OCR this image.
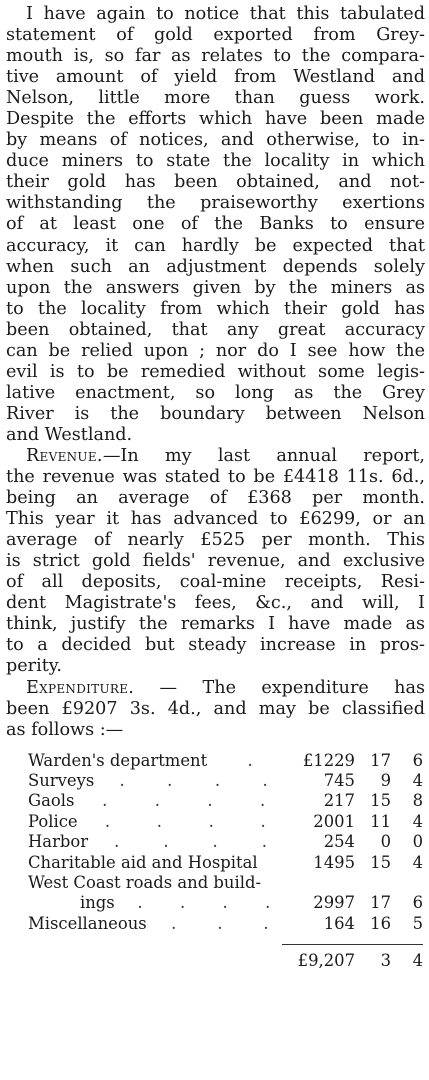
I have again to notice that this tabulated
statement of gold exported from Grey-
mouth is, so far as relates to the compara-
tive amount of yield from Westland and
Nelson, little more than guess work.
Despite the efforts which have been made
by means of notices, and otherwise, to in-
duce miners to state the locality in which
their gold has been obtained, and not-
withstanding the praiseworthy exertions
of at least one of the Banks to ensure
accuracy, it can hardly be expected that
when such an adjustment depends solely
upon the answers given by the miners as
to the locality from which their gold has
been obtained, that any great accuracy
can be relied upon ; nor do I see how the
evil is to be remedied without some legis-
lative enactment, so long as the Grey
River is the boundary between Nelson
and Westland.
Revenue.—In my last annual report,
the revenue was stated to be £4418 11s. 6d.,
being an average of £368 per month.
This year it has advanced to £6299, or an
average of nearly £525 per month. This
is strict gold fields' revenue, and exclusive
of all deposits, coal-mine receipts, Resi-
dent Magistrate's fees, &c., and will, I
think, justify the remarks I have made as
to a decided but steady increase in pros-
perity.
Expenditure. — The expenditure has
been £9207 3s. 4d., and may be classified
as follows :—
Warden's department .	£1229 17	6
Surveys .	.	.	.	745	9	4
Gaols .	.	.	.	217 15	8
Police .	.	.	.	2001 11	4
Harbor .	.	.	.	254	0	0
Charitable aid and Hospital	1495 15	4
West Coast roads and build-
ings . . . .	2997 17	6
Miscellaneous . . .	164 16	5
£9,207	3	4
